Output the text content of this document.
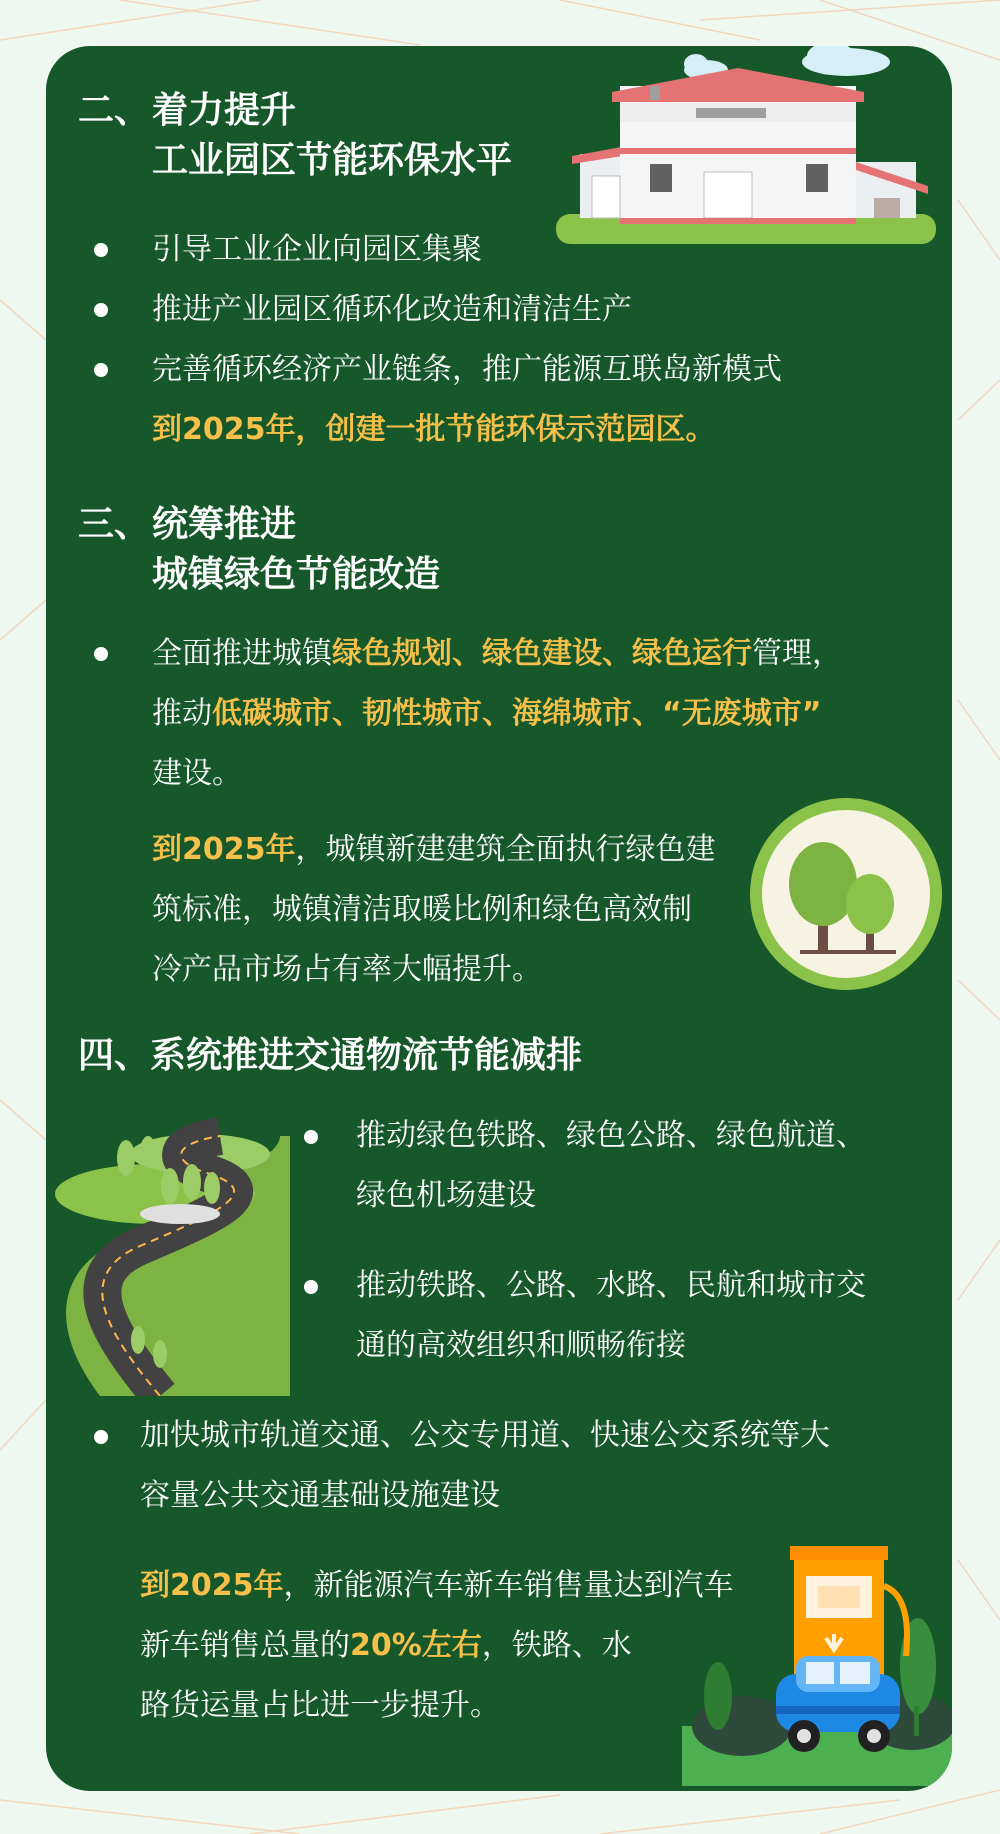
二、 着力提升
工业园区节能环保水平
引导工业企业向园区集聚
推进产业园区循环化改造和清洁生产
完善循环经济产业链条，推广能源互联岛新模式
到2025年，创建一批节能环保示范园区。
三、 统筹推进
城镇绿色节能改造
全面推进城镇绿色规划、绿色建设、绿色运行管理，
推动低碳城市、韧性城市、海绵城市、“无废城市”
建设。
到2025年，城镇新建建筑全面执行绿色建
筑标准，城镇清洁取暖比例和绿色高效制
冷产品市场占有率大幅提升。
四、系统推进交通物流节能减排
推动绿色铁路、绿色公路、绿色航道、
绿色机场建设
推动铁路、公路、水路、民航和城市交
通的高效组织和顺畅衔接
加快城市轨道交通、公交专用道、快速公交系统等大
容量公共交通基础设施建设
到2025年，新能源汽车新车销售量达到汽车
新车销售总量的20%左右，铁路、水
路货运量占比进一步提升。
